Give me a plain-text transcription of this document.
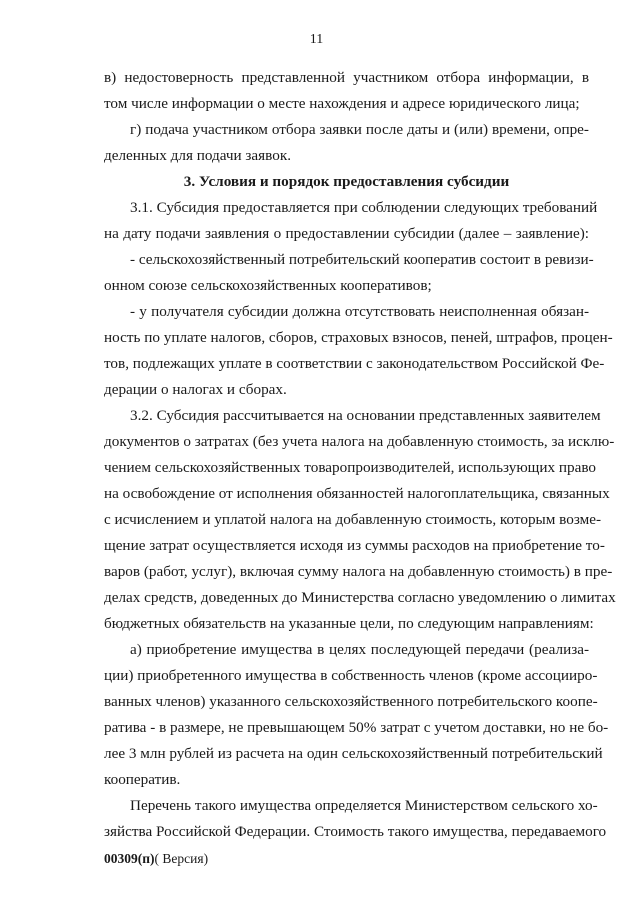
11
в) недостоверность представленной участником отбора информации, в
том числе информации о месте нахождения и адресе юридического лица;
г) подача участником отбора заявки после даты и (или) времени, опре-
деленных для подачи заявок.
3. Условия и порядок предоставления субсидии
3.1. Субсидия предоставляется при соблюдении следующих требований
на дату подачи заявления о предоставлении субсидии (далее – заявление):
- сельскохозяйственный потребительский кооператив состоит в ревизи-
онном союзе сельскохозяйственных кооперативов;
- у получателя субсидии должна отсутствовать неисполненная обязан-
ность по уплате налогов, сборов, страховых взносов, пеней, штрафов, процен-
тов, подлежащих уплате в соответствии с законодательством Российской Фе-
дерации о налогах и сборах.
3.2. Субсидия рассчитывается на основании представленных заявителем
документов о затратах (без учета налога на добавленную стоимость, за исклю-
чением сельскохозяйственных товаропроизводителей, использующих право
на освобождение от исполнения обязанностей налогоплательщика, связанных
с исчислением и уплатой налога на добавленную стоимость, которым возме-
щение затрат осуществляется исходя из суммы расходов на приобретение то-
варов (работ, услуг), включая сумму налога на добавленную стоимость) в пре-
делах средств, доведенных до Министерства согласно уведомлению о лимитах
бюджетных обязательств на указанные цели, по следующим направлениям:
а) приобретение имущества в целях последующей передачи (реализа-
ции) приобретенного имущества в собственность членов (кроме ассоцииро-
ванных членов) указанного сельскохозяйственного потребительского коопе-
ратива - в размере, не превышающем 50% затрат с учетом доставки, но не бо-
лее 3 млн рублей из расчета на один сельскохозяйственный потребительский
кооператив.
Перечень такого имущества определяется Министерством сельского хо-
зяйства Российской Федерации. Стоимость такого имущества, передаваемого
00309(п)( Версия)
